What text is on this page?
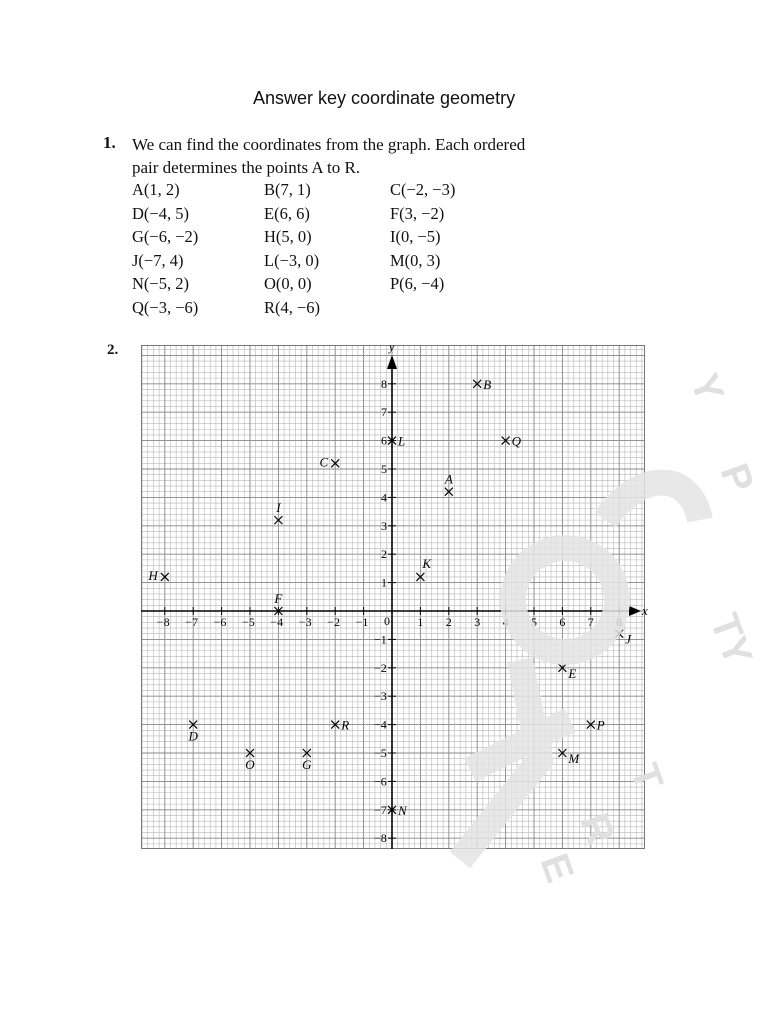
Answer key coordinate geometry
1. We can find the coordinates from the graph. Each ordered pair determines the points A to R.
A(1, 2)	B(7, 1)	C(−2, −3)
D(−4, 5)	E(6, 6)	F(3, −2)
G(−6, −2)	H(5, 0)	I(0, −5)
J(−7, 4)	L(−3, 0)	M(0, 3)
N(−5, 2)	O(0, 0)	P(6, −4)
Q(−3, −6)	R(4, −6)
2.
x
y
−8 −7 −6 −5 −4 −3 −2 −1	1 2 3 4 5 6 7 8
−8
−7
−6
−5
−4
−3
−2
−1
1
2
3
4
5
6
7
8
0
A
B
C
D
E
F
G
H
I
J
K
L
M
N
O
P
Q
R
Y
P
TY
T
R
E
